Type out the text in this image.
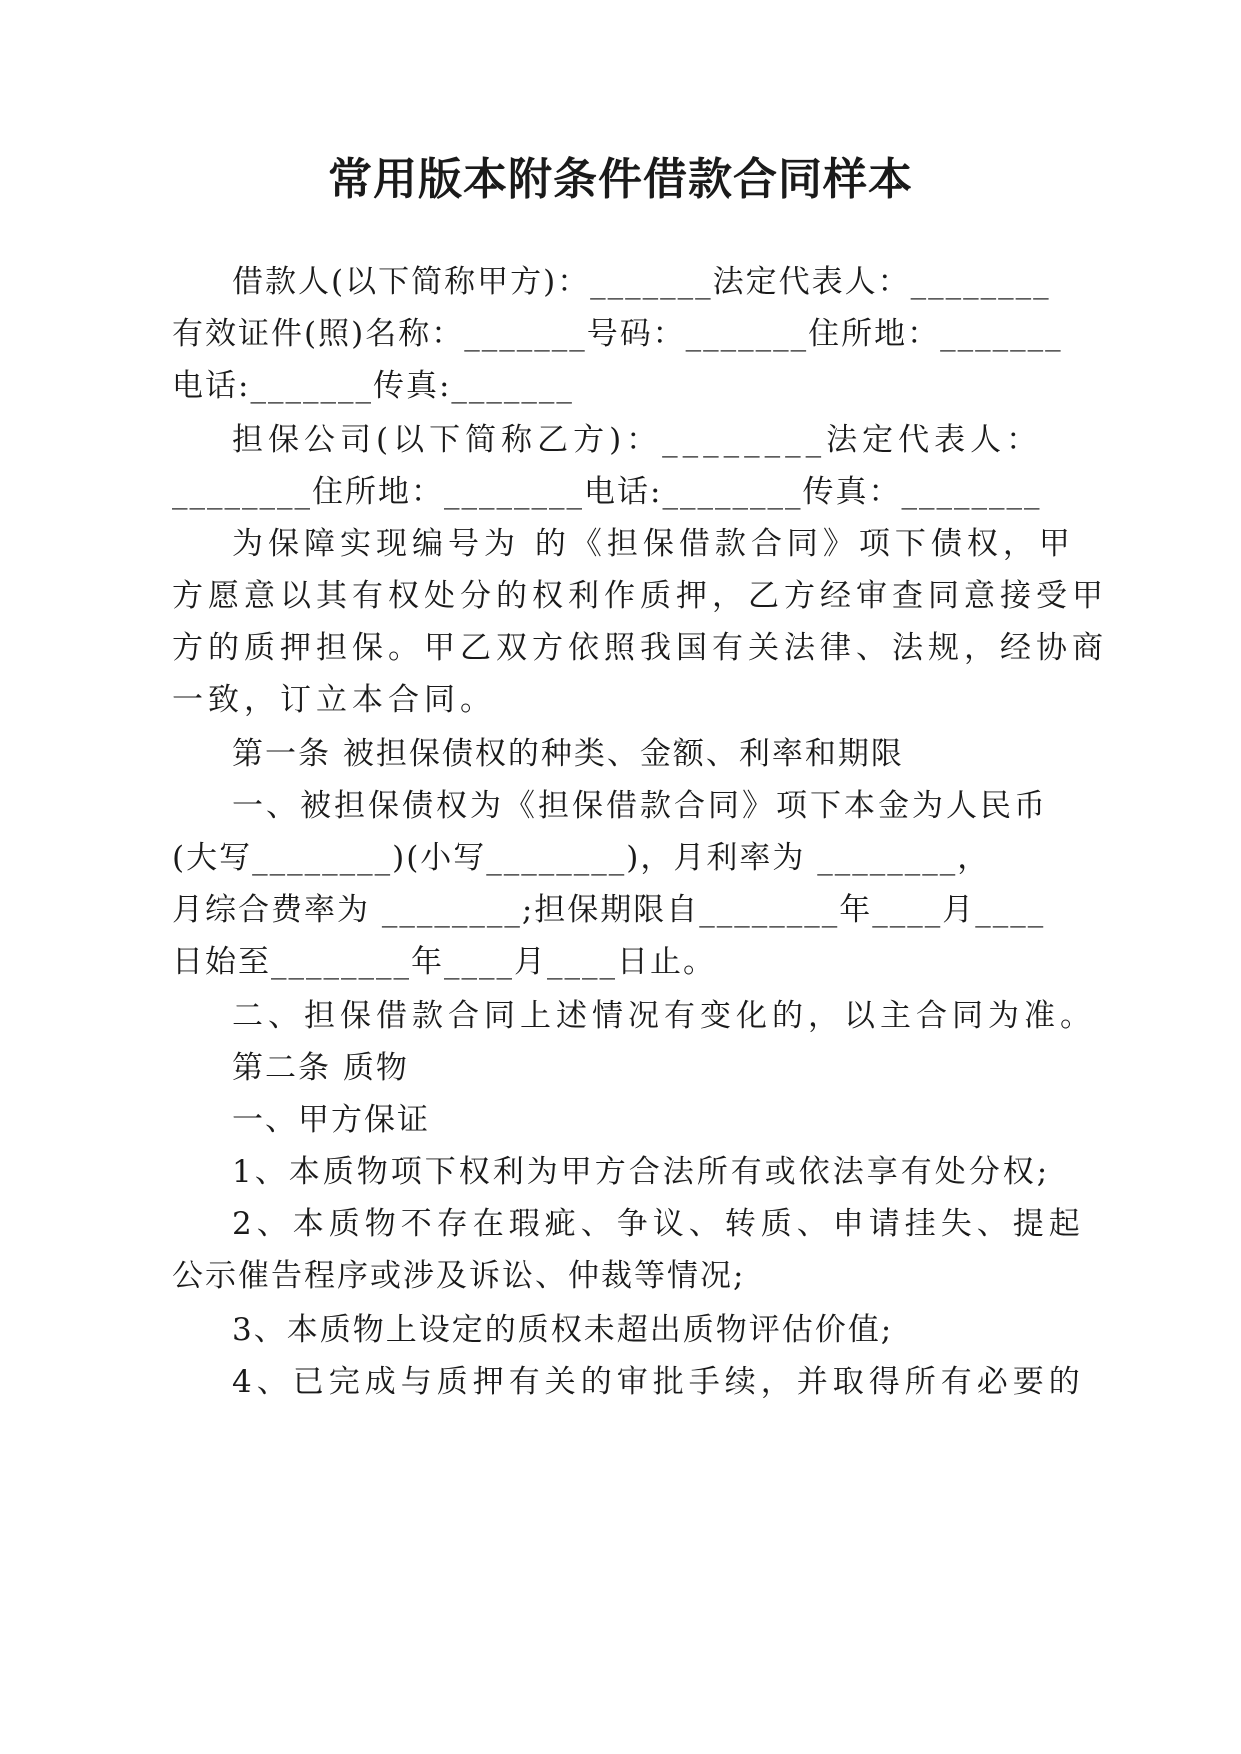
常用版本附条件借款合同样本
借款人(以下简称甲方)：_______法定代表人：________
有效证件(照)名称：_______号码：_______住所地：_______
电话:_______传真:_______
担保公司(以下简称乙方)：________法定代表人：
________住所地：________电话:________传真：________
为保障实现编号为 的《担保借款合同》项下债权，甲
方愿意以其有权处分的权利作质押，乙方经审查同意接受甲
方的质押担保。甲乙双方依照我国有关法律、法规，经协商
一致，订立本合同。
第一条 被担保债权的种类、金额、利率和期限
一、被担保债权为《担保借款合同》项下本金为人民币
(大写________)(小写________)，月利率为 ________，
月综合费率为 ________;担保期限自________年____月____
日始至________年____月____日止。
二、担保借款合同上述情况有变化的，以主合同为准。
第二条 质物
一、甲方保证
1、本质物项下权利为甲方合法所有或依法享有处分权;
2、本质物不存在瑕疵、争议、转质、申请挂失、提起
公示催告程序或涉及诉讼、仲裁等情况;
3、本质物上设定的质权未超出质物评估价值;
4、已完成与质押有关的审批手续，并取得所有必要的
